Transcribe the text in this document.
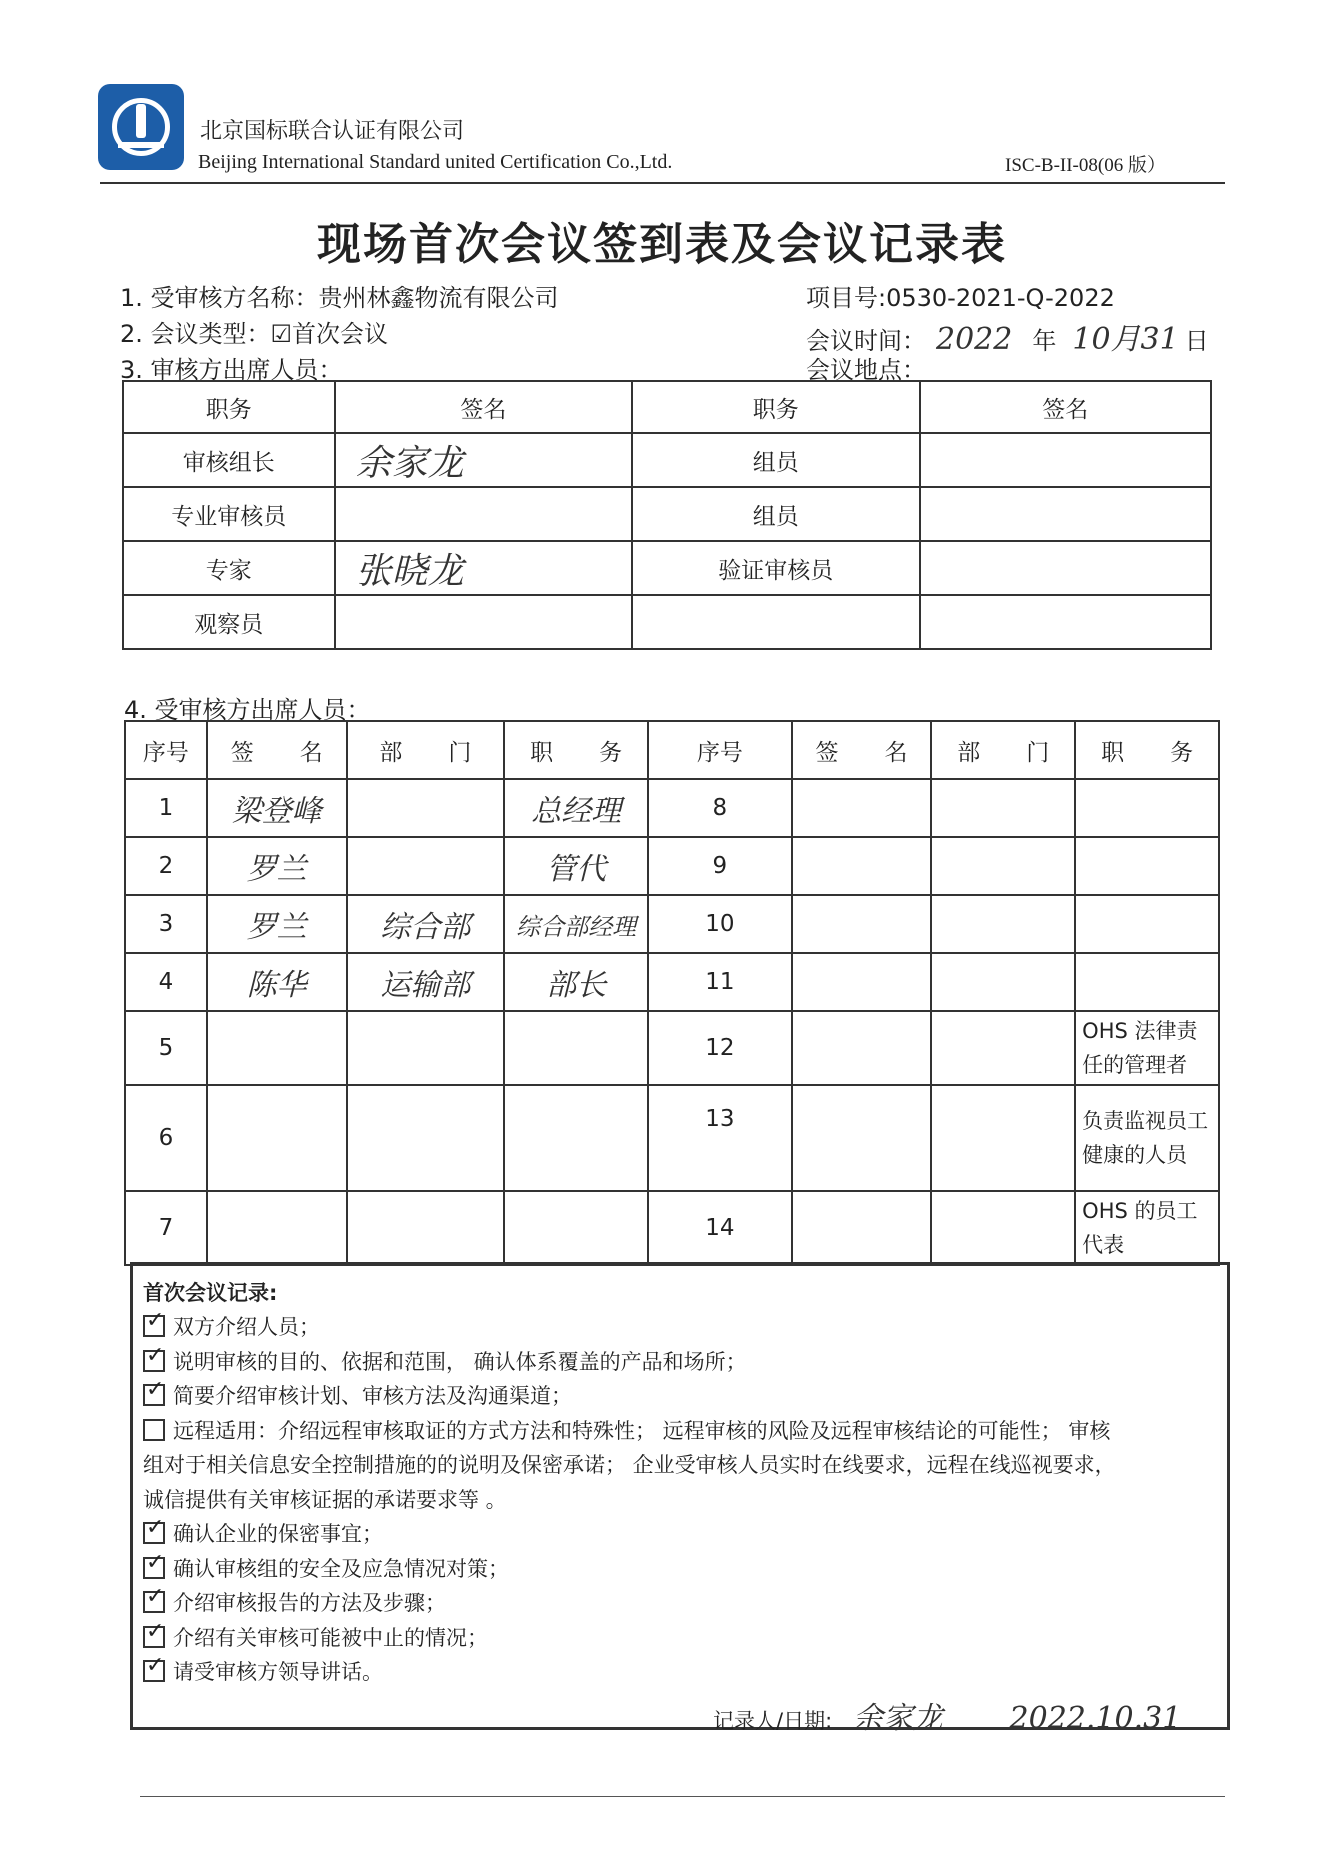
北京国标联合认证有限公司
Beijing International Standard united Certification Co.,Ltd.	ISC-B-II-08(06 版）
现场首次会议签到表及会议记录表
1. 受审核方名称：贵州林鑫物流有限公司	项目号:0530-2021-Q-2022
2. 会议类型：☑首次会议	会议时间： 2022 年 10月31 日
3. 审核方出席人员：	会议地点：
职务	签名	职务	签名
审核组长	余家龙	组员	
专业审核员		组员	
专家	张晓龙	验证审核员	
观察员			
4. 受审核方出席人员：
序号	签　　名	部　　门	职　　务	序号	签　　名	部　　门	职　　务
1	梁登峰		总经理	8			
2	罗兰		管代	9			
3	罗兰	综合部	综合部经理	10			
4	陈华	运输部	部长	11			
5				12			OHS 法律责任的管理者
6				13			负责监视员工健康的人员
7				14			OHS 的员工代表
首次会议记录:
✓双方介绍人员；
✓说明审核的目的、依据和范围， 确认体系覆盖的产品和场所；
✓简要介绍审核计划、审核方法及沟通渠道；
远程适用：介绍远程审核取证的方式方法和特殊性； 远程审核的风险及远程审核结论的可能性； 审核
组对于相关信息安全控制措施的的说明及保密承诺； 企业受审核人员实时在线要求，远程在线巡视要求，
诚信提供有关审核证据的承诺要求等 。
✓确认企业的保密事宜；
✓确认审核组的安全及应急情况对策；
✓介绍审核报告的方法及步骤；
✓介绍有关审核可能被中止的情况；
✓请受审核方领导讲话。
记录人/日期: 余家龙 2022.10.31
